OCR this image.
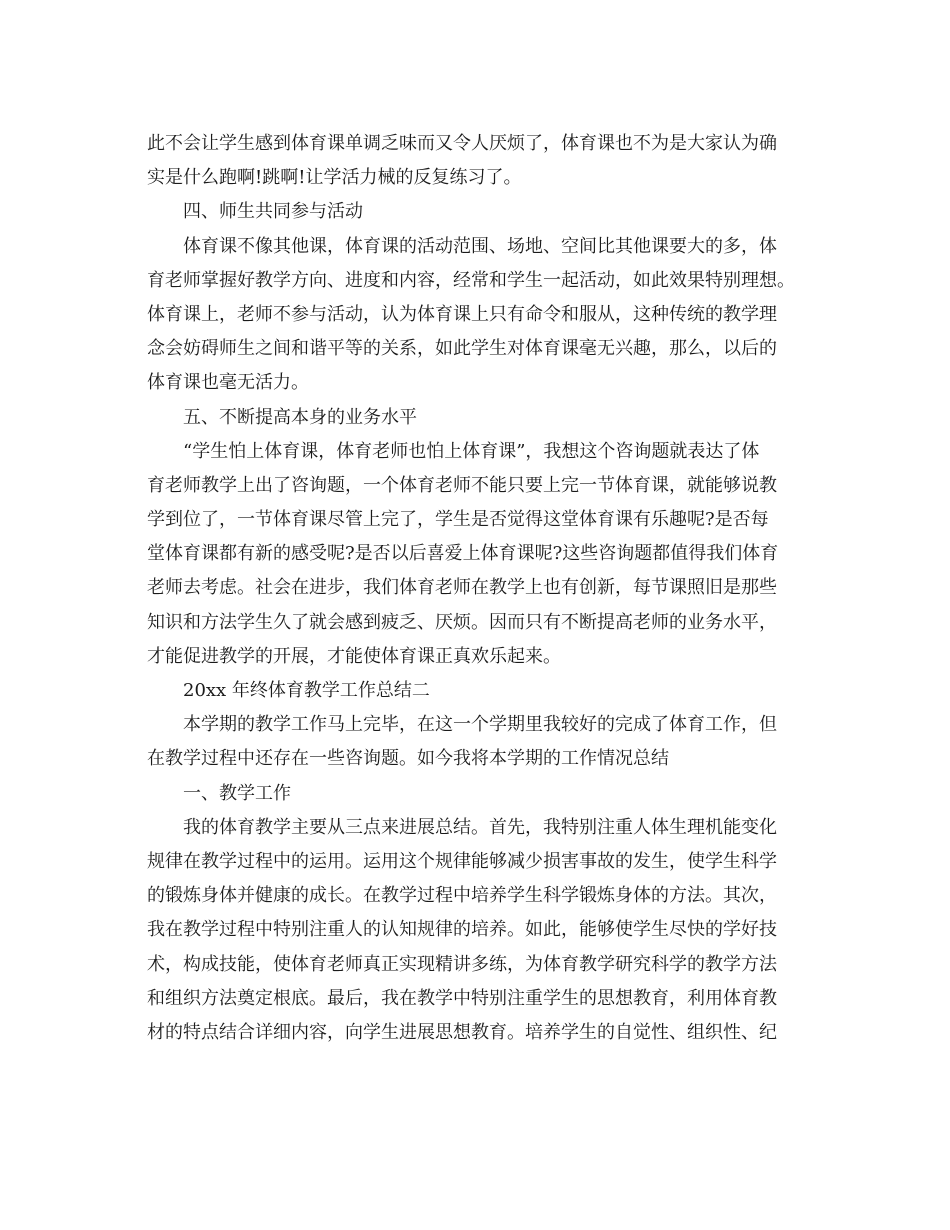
此不会让学生感到体育课单调乏味而又令人厌烦了，体育课也不为是大家认为确
实是什么跑啊!跳啊!让学活力械的反复练习了。
四、师生共同参与活动
体育课不像其他课，体育课的活动范围、场地、空间比其他课要大的多，体
育老师掌握好教学方向、进度和内容，经常和学生一起活动，如此效果特别理想。
体育课上，老师不参与活动，认为体育课上只有命令和服从，这种传统的教学理
念会妨碍师生之间和谐平等的关系，如此学生对体育课毫无兴趣，那么，以后的
体育课也毫无活力。
五、不断提高本身的业务水平
“学生怕上体育课，体育老师也怕上体育课”，我想这个咨询题就表达了体
育老师教学上出了咨询题，一个体育老师不能只要上完一节体育课，就能够说教
学到位了，一节体育课尽管上完了，学生是否觉得这堂体育课有乐趣呢?是否每
堂体育课都有新的感受呢?是否以后喜爱上体育课呢?这些咨询题都值得我们体育
老师去考虑。社会在进步，我们体育老师在教学上也有创新，每节课照旧是那些
知识和方法学生久了就会感到疲乏、厌烦。因而只有不断提高老师的业务水平，
才能促进教学的开展，才能使体育课正真欢乐起来。
20xx 年终体育教学工作总结二
本学期的教学工作马上完毕，在这一个学期里我较好的完成了体育工作，但
在教学过程中还存在一些咨询题。如今我将本学期的工作情况总结
一、教学工作
我的体育教学主要从三点来进展总结。首先，我特别注重人体生理机能变化
规律在教学过程中的运用。运用这个规律能够减少损害事故的发生，使学生科学
的锻炼身体并健康的成长。在教学过程中培养学生科学锻炼身体的方法。其次，
我在教学过程中特别注重人的认知规律的培养。如此，能够使学生尽快的学好技
术，构成技能，使体育老师真正实现精讲多练，为体育教学研究科学的教学方法
和组织方法奠定根底。最后，我在教学中特别注重学生的思想教育，利用体育教
材的特点结合详细内容，向学生进展思想教育。培养学生的自觉性、组织性、纪
